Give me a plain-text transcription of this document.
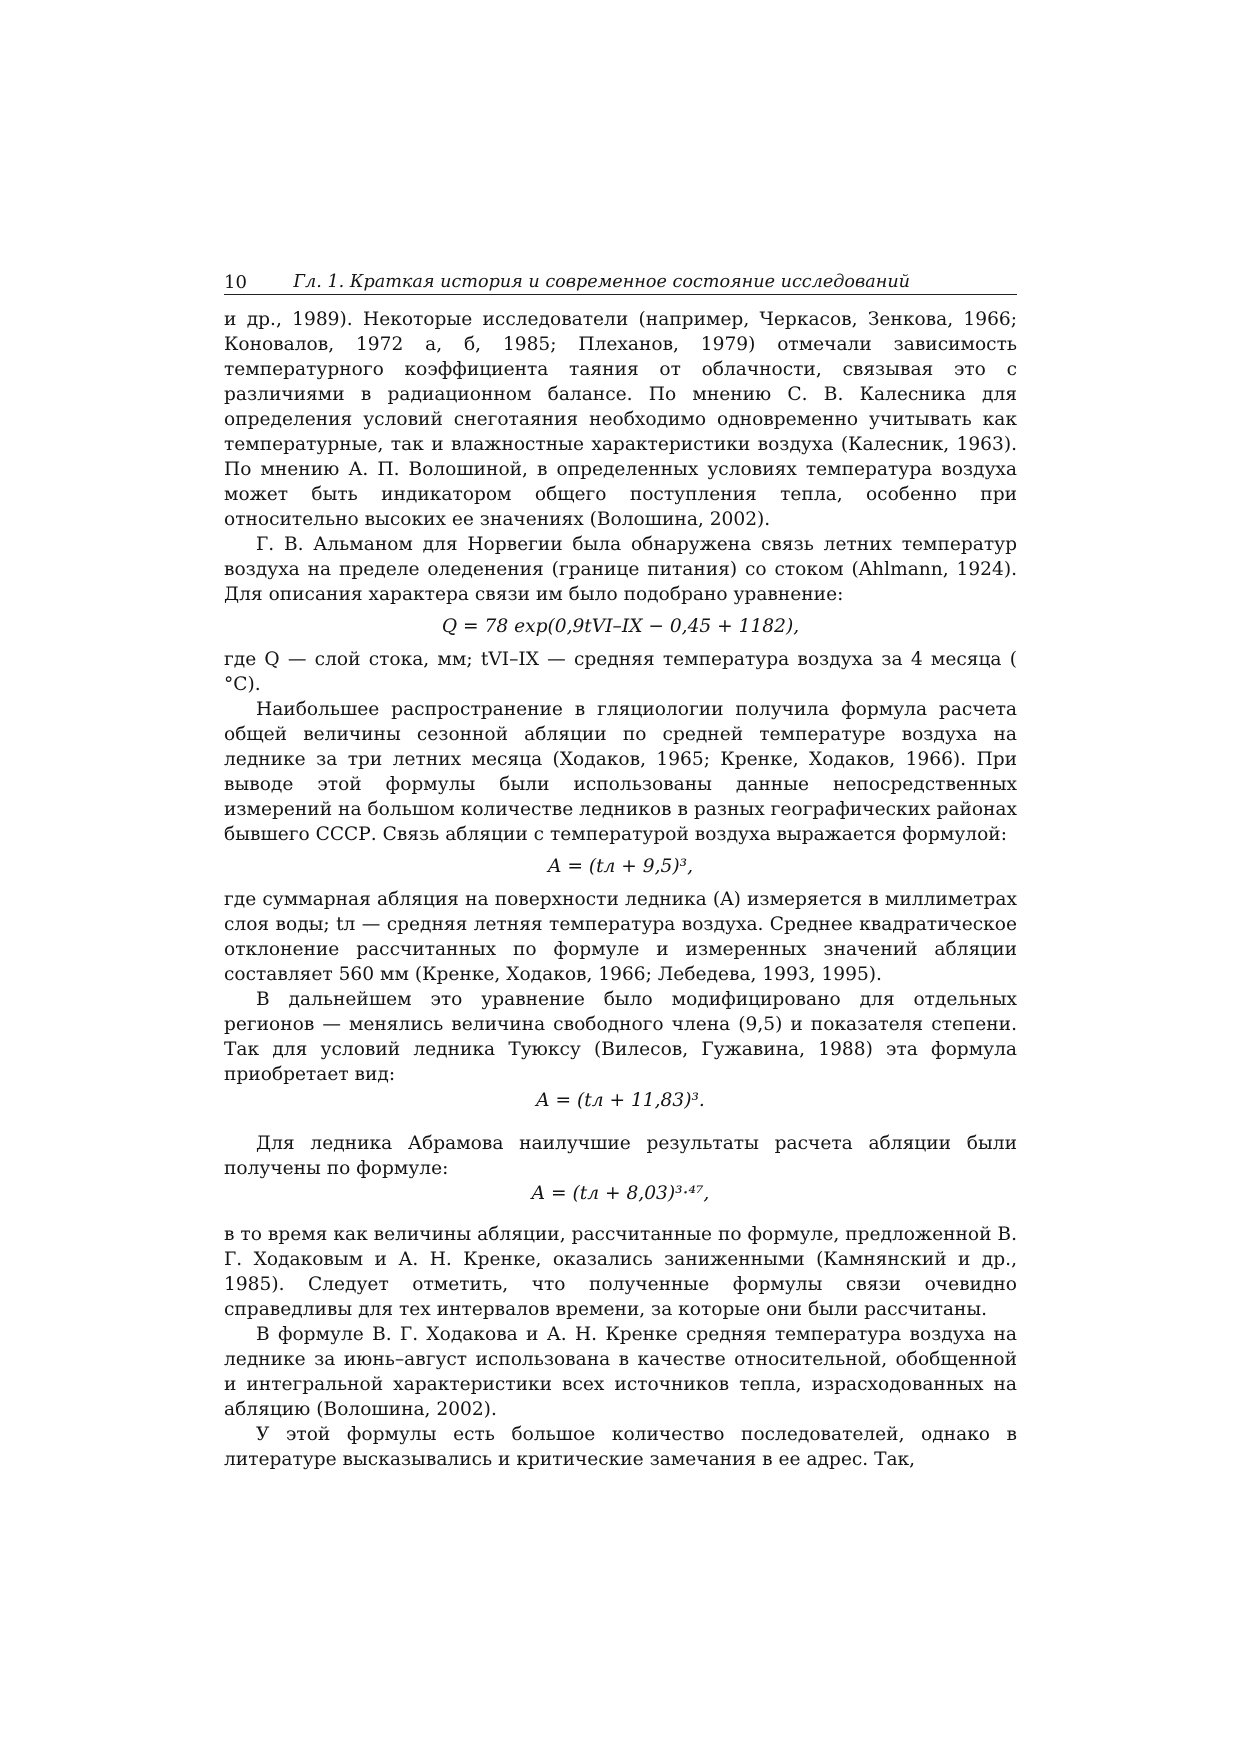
10	Гл. 1. Краткая история и современное состояние исследований

и др., 1989). Некоторые исследователи (например, Черкасов, Зенкова, 1966; Коновалов, 1972 а, б, 1985; Плеханов, 1979) отмечали зависимость температурного коэффициента таяния от облачности, связывая это с различиями в радиационном балансе. По мнению С. В. Калесника для определения условий снеготаяния необходимо одновременно учитывать как температурные, так и влажностные характеристики воздуха (Калесник, 1963). По мнению А. П. Волошиной, в определенных условиях температура воздуха может быть индикатором общего поступления тепла, особенно при относительно высоких ее значениях (Волошина, 2002).

Г. В. Альманом для Норвегии была обнаружена связь летних температур воздуха на пределе оледенения (границе питания) со стоком (Ahlmann, 1924). Для описания характера связи им было подобрано уравнение:

Q = 78 exp(0,9tVI–IX − 0,45 + 1182),

где Q — слой стока, мм; tVI–IX — средняя температура воздуха за 4 месяца ( °C).

Наибольшее распространение в гляциологии получила формула расчета общей величины сезонной абляции по средней температуре воздуха на леднике за три летних месяца (Ходаков, 1965; Кренке, Ходаков, 1966). При выводе этой формулы были использованы данные непосредственных измерений на большом количестве ледников в разных географических районах бывшего СССР. Связь абляции с температурой воздуха выражается формулой:

A = (tл + 9,5)³,

где суммарная абляция на поверхности ледника (A) измеряется в миллиметрах слоя воды; tл — средняя летняя температура воздуха. Среднее квадратическое отклонение рассчитанных по формуле и измеренных значений абляции составляет 560 мм (Кренке, Ходаков, 1966; Лебедева, 1993, 1995).

В дальнейшем это уравнение было модифицировано для отдельных регионов — менялись величина свободного члена (9,5) и показателя степени. Так для условий ледника Туюксу (Вилесов, Гужавина, 1988) эта формула приобретает вид:

A = (tл + 11,83)³.

Для ледника Абрамова наилучшие результаты расчета абляции были получены по формуле:

A = (tл + 8,03)³·⁴⁷,

в то время как величины абляции, рассчитанные по формуле, предложенной В. Г. Ходаковым и А. Н. Кренке, оказались заниженными (Камнянский и др., 1985). Следует отметить, что полученные формулы связи очевидно справедливы для тех интервалов времени, за которые они были рассчитаны.

В формуле В. Г. Ходакова и А. Н. Кренке средняя температура воздуха на леднике за июнь–август использована в качестве относительной, обобщенной и интегральной характеристики всех источников тепла, израсходованных на абляцию (Волошина, 2002).

У этой формулы есть большое количество последователей, однако в литературе высказывались и критические замечания в ее адрес. Так,
